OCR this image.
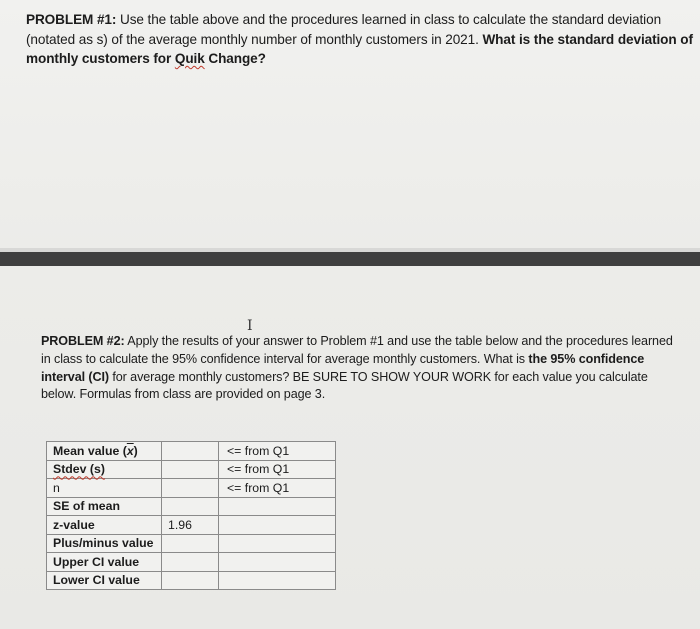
PROBLEM #1: Use the table above and the procedures learned in class to calculate the standard deviation (notated as s) of the average monthly number of monthly customers in 2021. What is the standard deviation of monthly customers for Quik Change?
I
PROBLEM #2: Apply the results of your answer to Problem #1 and use the table below and the procedures learned in class to calculate the 95% confidence interval for average monthly customers. What is the 95% confidence interval (CI) for average monthly customers? BE SURE TO SHOW YOUR WORK for each value you calculate below. Formulas from class are provided on page 3.
Mean value $(\overline{x})$		<= from Q1
Stdev (s)		<= from Q1
n		<= from Q1
SE of mean		
z-value	1.96	
Plus/minus value		
Upper CI value		
Lower CI value		
